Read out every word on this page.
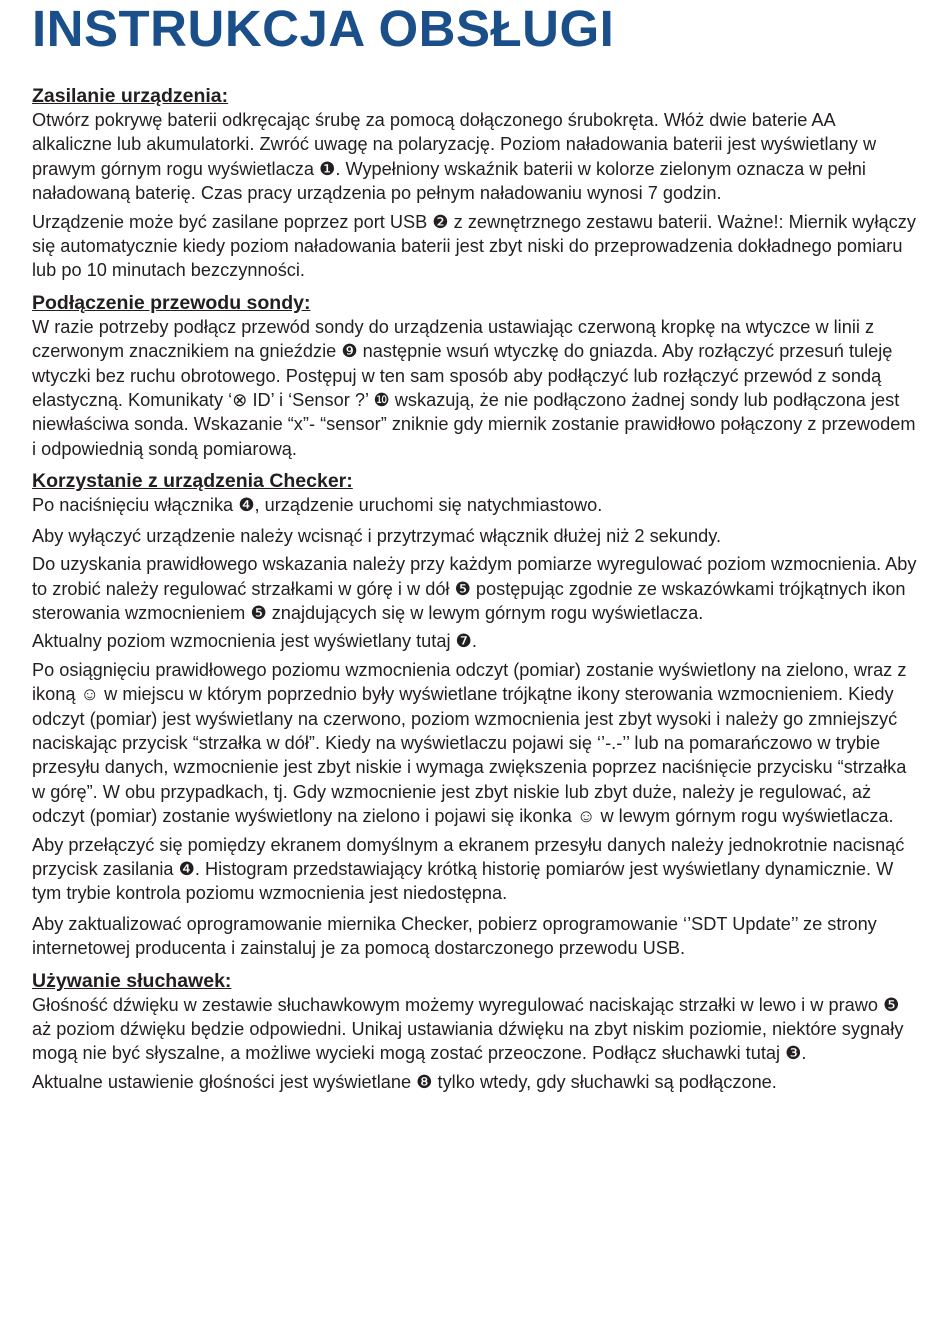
INSTRUKCJA OBSŁUGI
Zasilanie urządzenia:

Otwórz pokrywę baterii odkręcając śrubę za pomocą dołączonego śrubokręta. Włóż dwie baterie AA alkaliczne lub akumulatorki. Zwróć uwagę na polaryzację. Poziom naładowania baterii jest wyświetlany w prawym górnym rogu wyświetlacza ❶. Wypełniony wskaźnik baterii w kolorze zielonym oznacza w pełni naładowaną baterię. Czas pracy urządzenia po pełnym naładowaniu wynosi 7 godzin.

Urządzenie może być zasilane poprzez port USB ❷ z zewnętrznego zestawu baterii. Ważne!: Miernik wyłączy się automatycznie kiedy poziom naładowania baterii jest zbyt niski do przeprowadzenia dokładnego pomiaru lub po 10 minutach bezczynności.

Podłączenie przewodu sondy:

W razie potrzeby podłącz przewód sondy do urządzenia ustawiając czerwoną kropkę na wtyczce w linii z czerwonym znacznikiem na gnieździe ❾ następnie wsuń wtyczkę do gniazda. Aby rozłączyć przesuń tuleję wtyczki bez ruchu obrotowego. Postępuj w ten sam sposób aby podłączyć lub rozłączyć przewód z sondą elastyczną. Komunikaty ‘⊗ ID’ i ‘Sensor ?’ ❿ wskazują, że nie podłączono żadnej sondy lub podłączona jest niewłaściwa sonda. Wskazanie “x”- “sensor” zniknie gdy miernik zostanie prawidłowo połączony z przewodem i odpowiednią sondą pomiarową.

Korzystanie z urządzenia Checker:

Po naciśnięciu włącznika ❹, urządzenie uruchomi się natychmiastowo.

Aby wyłączyć urządzenie należy wcisnąć i przytrzymać włącznik dłużej niż 2 sekundy.

Do uzyskania prawidłowego wskazania należy przy każdym pomiarze wyregulować poziom wzmocnienia. Aby to zrobić należy regulować strzałkami w górę i w dół ❺ postępując zgodnie ze wskazówkami trójkątnych ikon sterowania wzmocnieniem ❺ znajdujących się w lewym górnym rogu wyświetlacza.

Aktualny poziom wzmocnienia jest wyświetlany tutaj ❼.

Po osiągnięciu prawidłowego poziomu wzmocnienia odczyt (pomiar) zostanie wyświetlony na zielono, wraz z ikoną ☺ w miejscu w którym poprzednio były wyświetlane trójkątne ikony sterowania wzmocnieniem. Kiedy odczyt (pomiar) jest wyświetlany na czerwono, poziom wzmocnienia jest zbyt wysoki i należy go zmniejszyć naciskając przycisk “strzałka w dół”. Kiedy na wyświetlaczu pojawi się ‘’-.-’’ lub na pomarańczowo w trybie przesyłu danych, wzmocnienie jest zbyt niskie i wymaga zwiększenia poprzez naciśnięcie przycisku “strzałka w górę”. W obu przypadkach, tj. Gdy wzmocnienie jest zbyt niskie lub zbyt duże, należy je regulować, aż odczyt (pomiar) zostanie wyświetlony na zielono i pojawi się ikonka ☺ w lewym górnym rogu wyświetlacza.

Aby przełączyć się pomiędzy ekranem domyślnym a ekranem przesyłu danych należy jednokrotnie nacisnąć przycisk zasilania ❹. Histogram przedstawiający krótką historię pomiarów jest wyświetlany dynamicznie. W tym trybie kontrola poziomu wzmocnienia jest niedostępna.

Aby zaktualizować oprogramowanie miernika Checker, pobierz oprogramowanie ‘’SDT Update’’ ze strony internetowej producenta i zainstaluj je za pomocą dostarczonego przewodu USB.

Używanie słuchawek:

Głośność dźwięku w zestawie słuchawkowym możemy wyregulować naciskając strzałki w lewo i w prawo ❺ aż poziom dźwięku będzie odpowiedni. Unikaj ustawiania dźwięku na zbyt niskim poziomie, niektóre sygnały mogą nie być słyszalne, a możliwe wycieki mogą zostać przeoczone. Podłącz słuchawki tutaj ❸.

Aktualne ustawienie głośności jest wyświetlane ❽ tylko wtedy, gdy słuchawki są podłączone.
